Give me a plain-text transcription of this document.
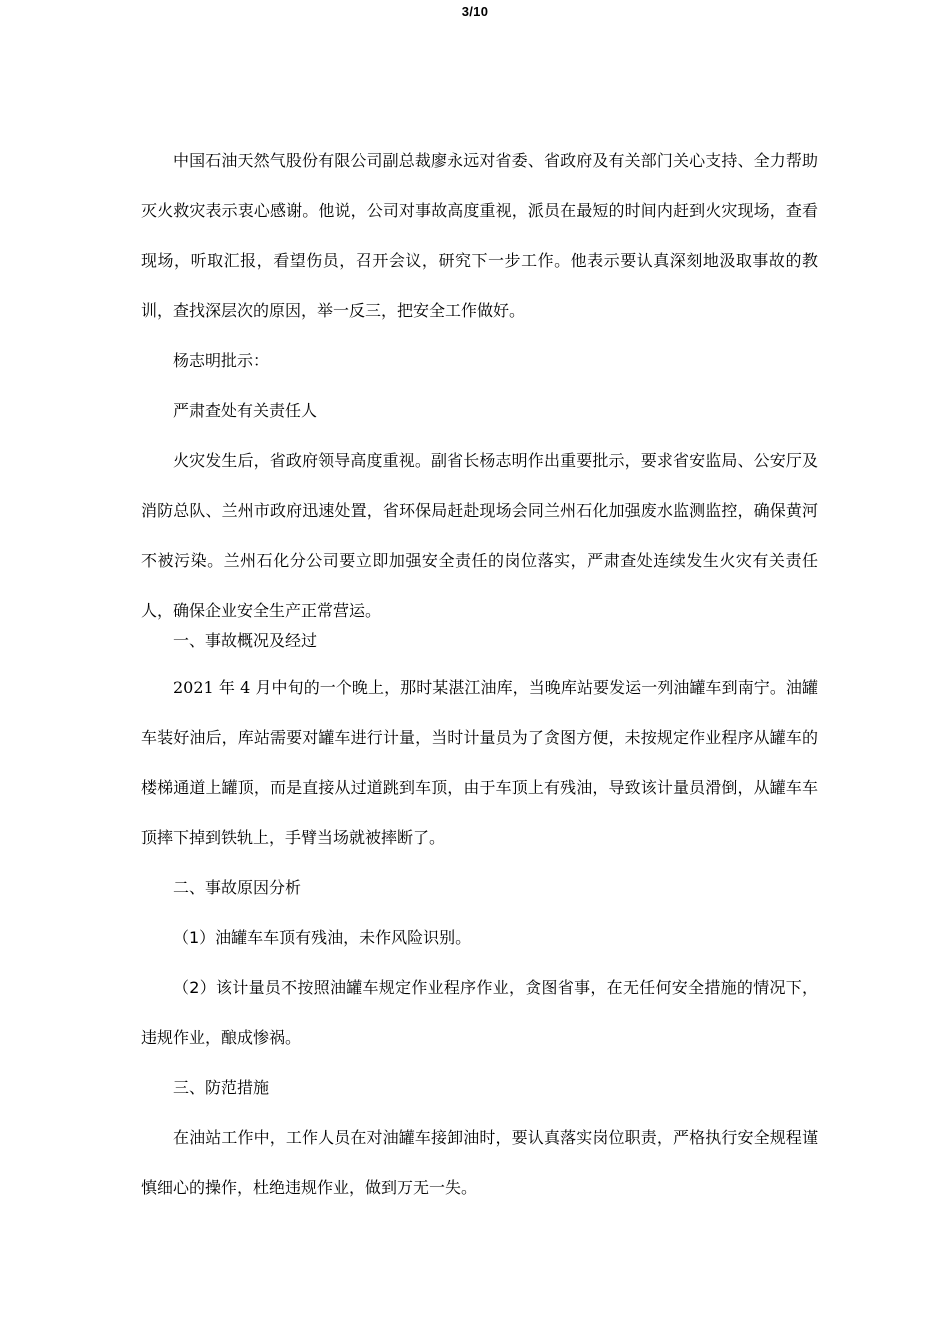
3/10

中国石油天然气股份有限公司副总裁廖永远对省委、省政府及有关部门关心支持、全力帮助灭火救灾表示衷心感谢。他说，公司对事故高度重视，派员在最短的时间内赶到火灾现场，查看现场，听取汇报，看望伤员，召开会议，研究下一步工作。他表示要认真深刻地汲取事故的教训，查找深层次的原因，举一反三，把安全工作做好。

杨志明批示：

严肃查处有关责任人

火灾发生后，省政府领导高度重视。副省长杨志明作出重要批示，要求省安监局、公安厅及消防总队、兰州市政府迅速处置，省环保局赶赴现场会同兰州石化加强废水监测监控，确保黄河不被污染。兰州石化分公司要立即加强安全责任的岗位落实，严肃查处连续发生火灾有关责任人，确保企业安全生产正常营运。

一、事故概况及经过

2021 年 4 月中旬的一个晚上，那时某湛江油库，当晚库站要发运一列油罐车到南宁。油罐车装好油后，库站需要对罐车进行计量，当时计量员为了贪图方便，未按规定作业程序从罐车的楼梯通道上罐顶，而是直接从过道跳到车顶，由于车顶上有残油，导致该计量员滑倒，从罐车车顶摔下掉到铁轨上，手臂当场就被摔断了。

二、事故原因分析

（1）油罐车车顶有残油，未作风险识别。

（2）该计量员不按照油罐车规定作业程序作业，贪图省事，在无任何安全措施的情况下，违规作业，酿成惨祸。

三、防范措施

在油站工作中，工作人员在对油罐车接卸油时，要认真落实岗位职责，严格执行安全规程谨慎细心的操作，杜绝违规作业，做到万无一失。
